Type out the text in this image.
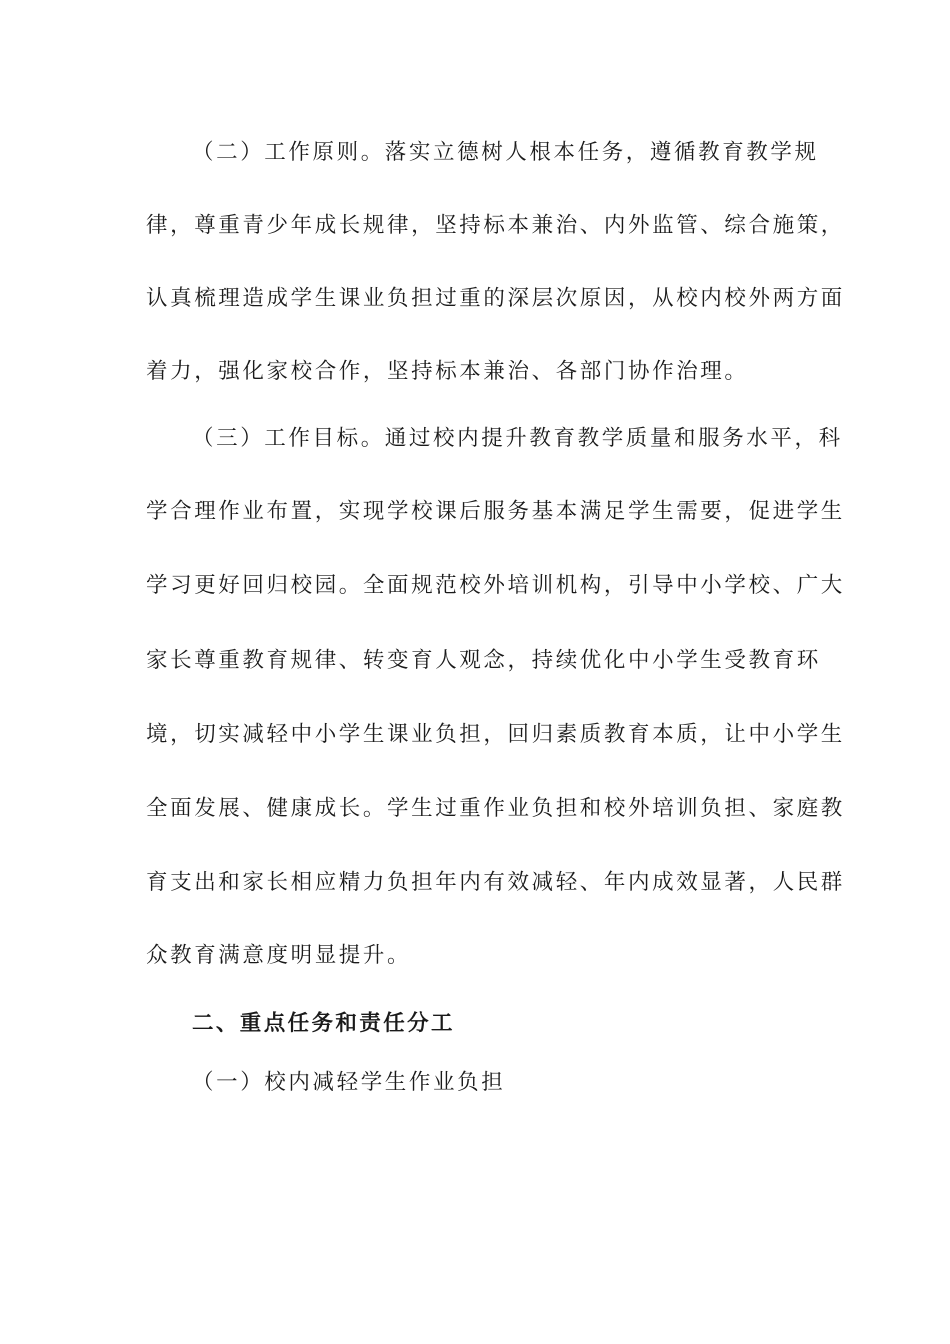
（二）工作原则。落实立德树人根本任务，遵循教育教学规
律，尊重青少年成长规律，坚持标本兼治、内外监管、综合施策，
认真梳理造成学生课业负担过重的深层次原因，从校内校外两方面
着力，强化家校合作，坚持标本兼治、各部门协作治理。
（三）工作目标。通过校内提升教育教学质量和服务水平，科
学合理作业布置，实现学校课后服务基本满足学生需要，促进学生
学习更好回归校园。全面规范校外培训机构，引导中小学校、广大
家长尊重教育规律、转变育人观念，持续优化中小学生受教育环
境，切实减轻中小学生课业负担，回归素质教育本质，让中小学生
全面发展、健康成长。学生过重作业负担和校外培训负担、家庭教
育支出和家长相应精力负担年内有效减轻、年内成效显著，人民群
众教育满意度明显提升。
二、重点任务和责任分工
（一）校内减轻学生作业负担
